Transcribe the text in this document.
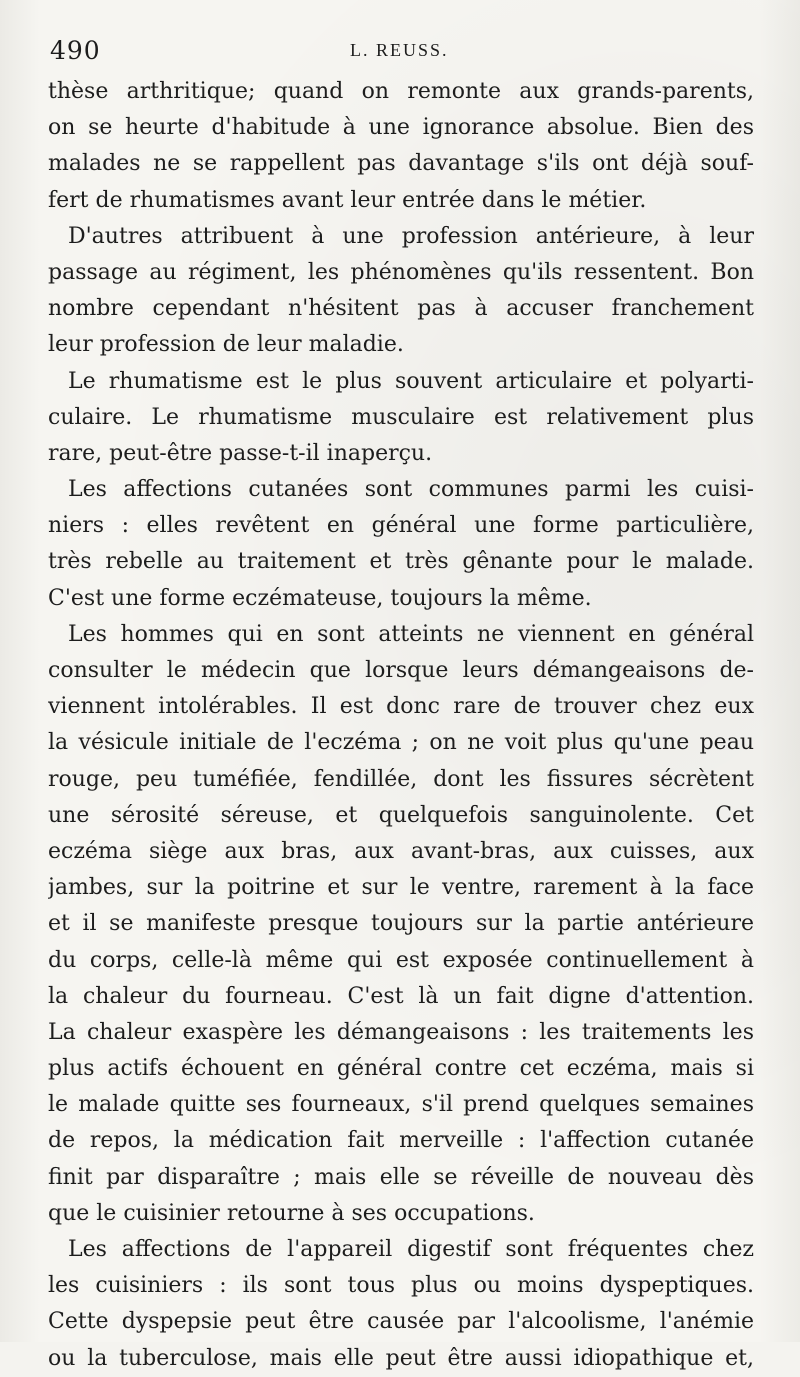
490	L. REUSS.
thèse arthritique; quand on remonte aux grands-parents,
on se heurte d'habitude à une ignorance absolue. Bien des
malades ne se rappellent pas davantage s'ils ont déjà souf-
fert de rhumatismes avant leur entrée dans le métier.
D'autres attribuent à une profession antérieure, à leur
passage au régiment, les phénomènes qu'ils ressentent. Bon
nombre cependant n'hésitent pas à accuser franchement
leur profession de leur maladie.
Le rhumatisme est le plus souvent articulaire et polyarti-
culaire. Le rhumatisme musculaire est relativement plus
rare, peut-être passe-t-il inaperçu.
Les affections cutanées sont communes parmi les cuisi-
niers : elles revêtent en général une forme particulière,
très rebelle au traitement et très gênante pour le malade.
C'est une forme eczémateuse, toujours la même.
Les hommes qui en sont atteints ne viennent en général
consulter le médecin que lorsque leurs démangeaisons de-
viennent intolérables. Il est donc rare de trouver chez eux
la vésicule initiale de l'eczéma ; on ne voit plus qu'une peau
rouge, peu tuméfiée, fendillée, dont les fissures sécrètent
une sérosité séreuse, et quelquefois sanguinolente. Cet
eczéma siège aux bras, aux avant-bras, aux cuisses, aux
jambes, sur la poitrine et sur le ventre, rarement à la face
et il se manifeste presque toujours sur la partie antérieure
du corps, celle-là même qui est exposée continuellement à
la chaleur du fourneau. C'est là un fait digne d'attention.
La chaleur exaspère les démangeaisons : les traitements les
plus actifs échouent en général contre cet eczéma, mais si
le malade quitte ses fourneaux, s'il prend quelques semaines
de repos, la médication fait merveille : l'affection cutanée
finit par disparaître ; mais elle se réveille de nouveau dès
que le cuisinier retourne à ses occupations.
Les affections de l'appareil digestif sont fréquentes chez
les cuisiniers : ils sont tous plus ou moins dyspeptiques.
Cette dyspepsie peut être causée par l'alcoolisme, l'anémie
ou la tuberculose, mais elle peut être aussi idiopathique et,
